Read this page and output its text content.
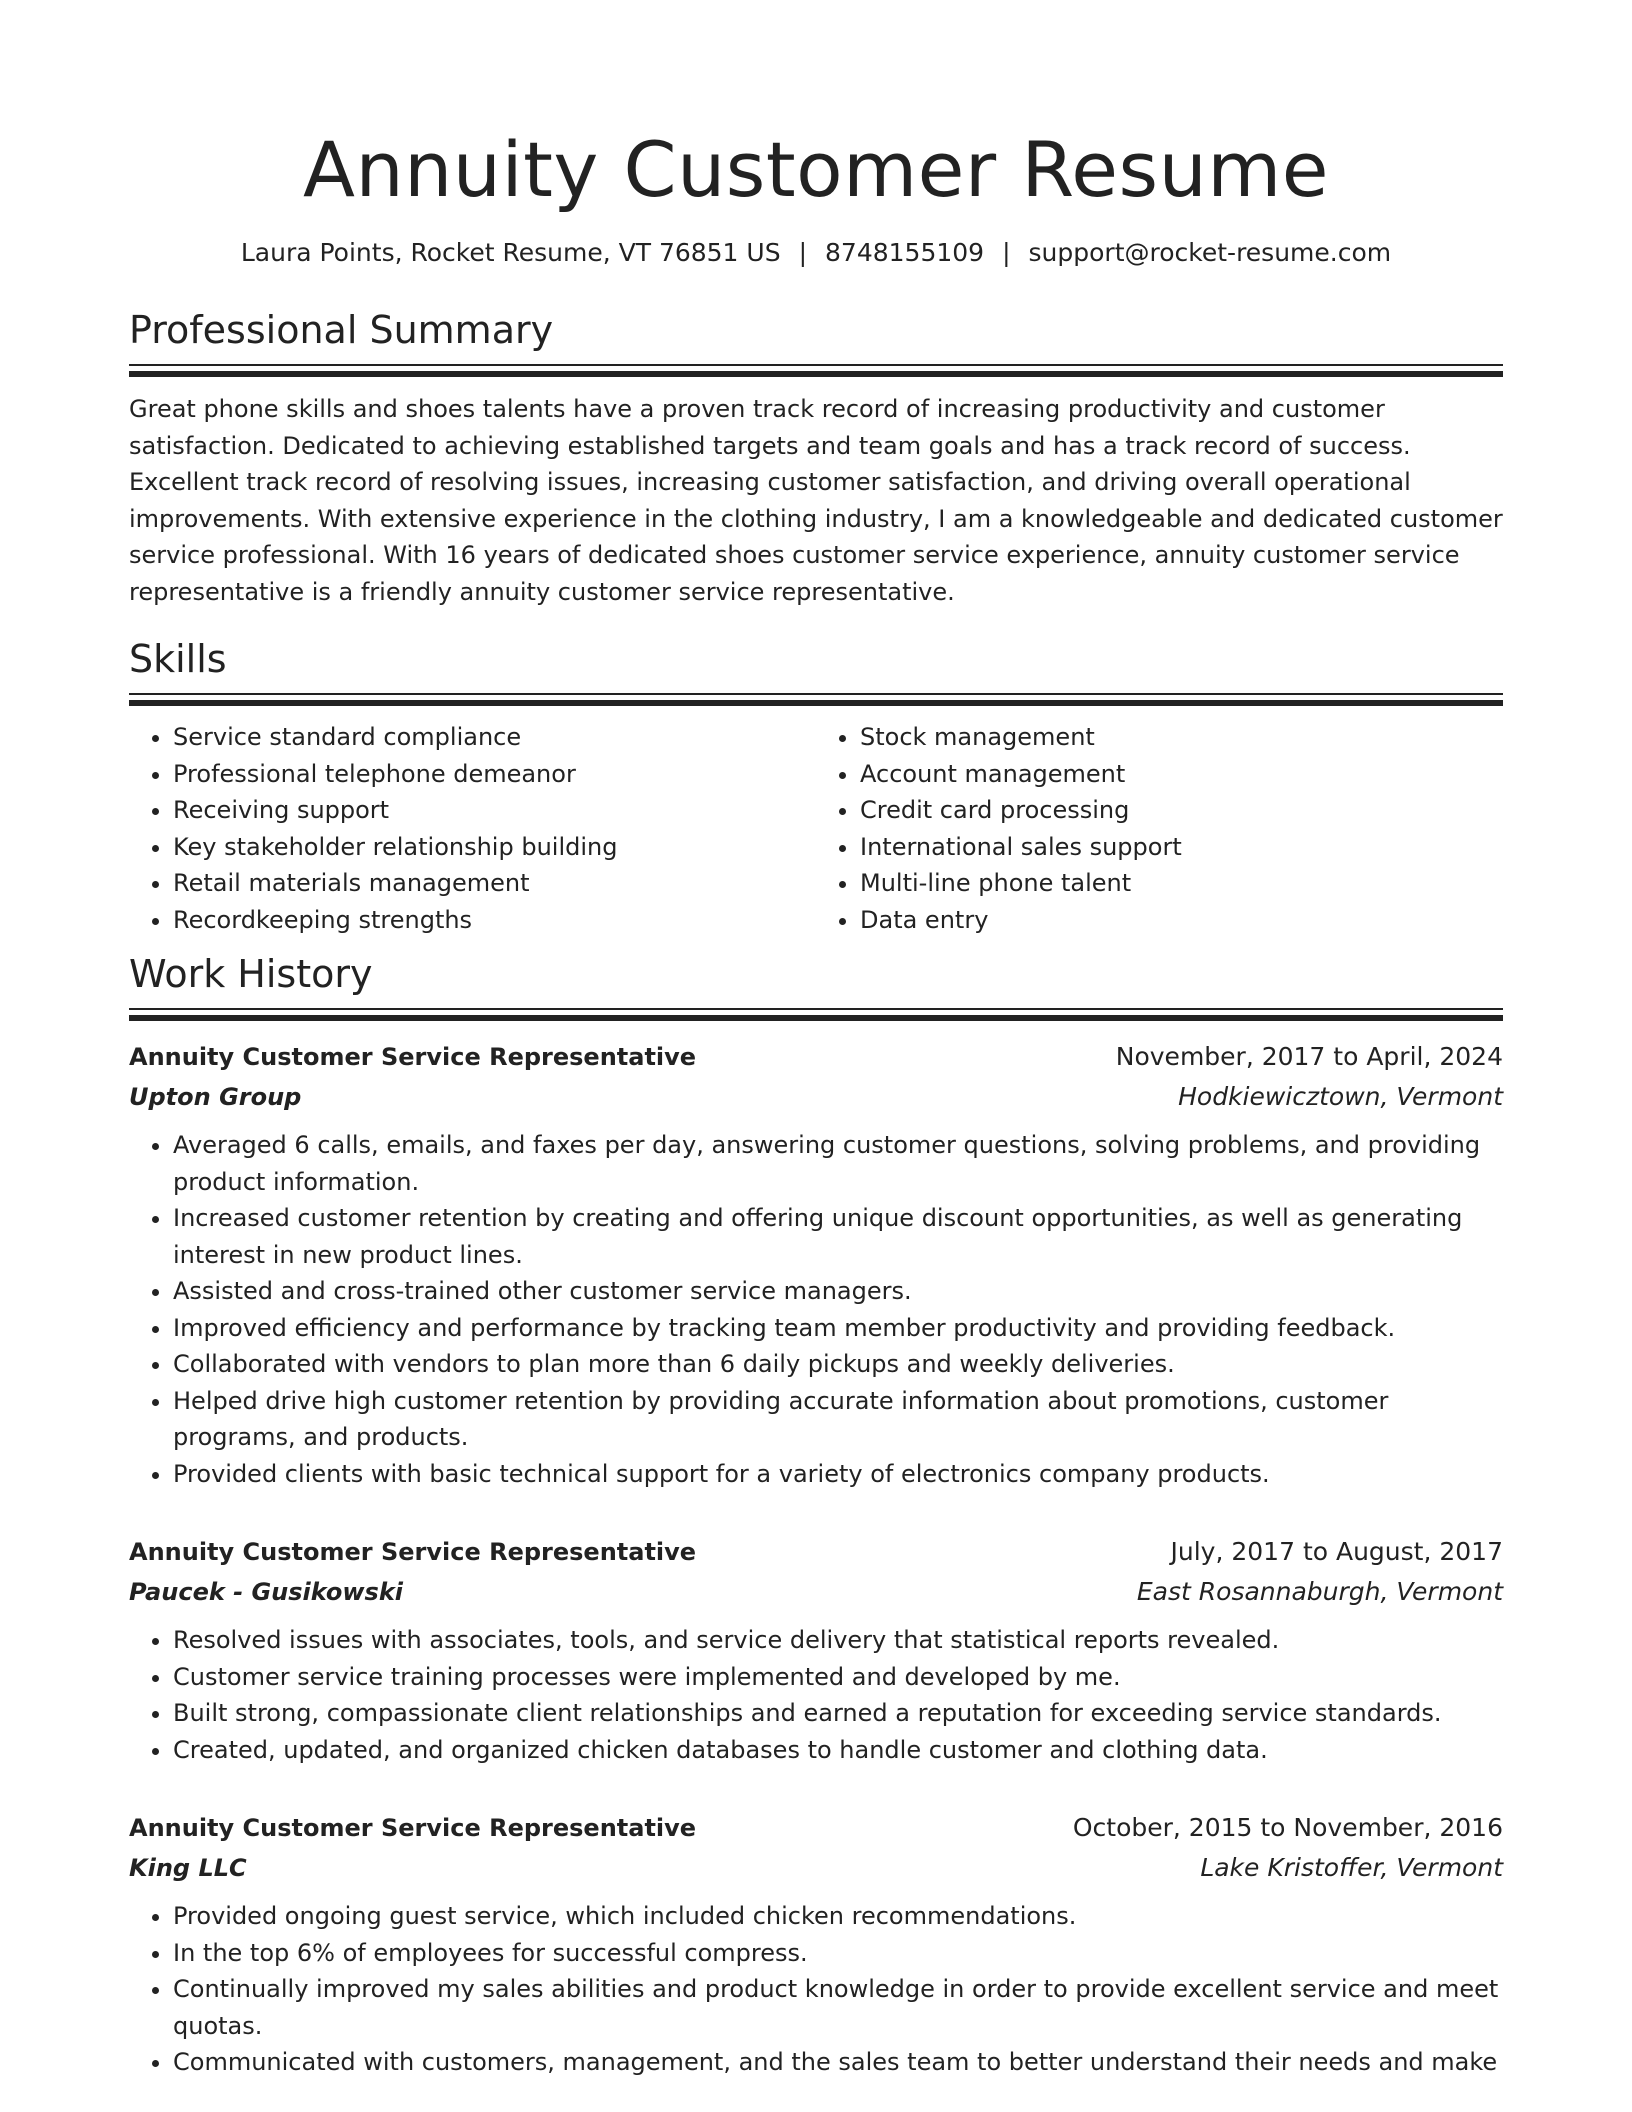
Annuity Customer Resume
Laura Points, Rocket Resume, VT 76851 US | 8748155109 | support@rocket-resume.com
Professional Summary

Great phone skills and shoes talents have a proven track record of increasing productivity and customer satisfaction. Dedicated to achieving established targets and team goals and has a track record of success. Excellent track record of resolving issues, increasing customer satisfaction, and driving overall operational improvements. With extensive experience in the clothing industry, I am a knowledgeable and dedicated customer service professional. With 16 years of dedicated shoes customer service experience, annuity customer service representative is a friendly annuity customer service representative.

Skills
• Service standard compliance
• Professional telephone demeanor
• Receiving support
• Key stakeholder relationship building
• Retail materials management
• Recordkeeping strengths
• Stock management
• Account management
• Credit card processing
• International sales support
• Multi-line phone talent
• Data entry
Work History
Annuity Customer Service Representative	November, 2017 to April, 2024
Upton Group	Hodkiewicztown, Vermont
• Averaged 6 calls, emails, and faxes per day, answering customer questions, solving problems, and providing product information.
• Increased customer retention by creating and offering unique discount opportunities, as well as generating interest in new product lines.
• Assisted and cross-trained other customer service managers.
• Improved efficiency and performance by tracking team member productivity and providing feedback.
• Collaborated with vendors to plan more than 6 daily pickups and weekly deliveries.
• Helped drive high customer retention by providing accurate information about promotions, customer programs, and products.
• Provided clients with basic technical support for a variety of electronics company products.
Annuity Customer Service Representative	July, 2017 to August, 2017
Paucek - Gusikowski	East Rosannaburgh, Vermont
• Resolved issues with associates, tools, and service delivery that statistical reports revealed.
• Customer service training processes were implemented and developed by me.
• Built strong, compassionate client relationships and earned a reputation for exceeding service standards.
• Created, updated, and organized chicken databases to handle customer and clothing data.
Annuity Customer Service Representative	October, 2015 to November, 2016
King LLC	Lake Kristoffer, Vermont
• Provided ongoing guest service, which included chicken recommendations.
• In the top 6% of employees for successful compress.
• Continually improved my sales abilities and product knowledge in order to provide excellent service and meet quotas.
• Communicated with customers, management, and the sales team to better understand their needs and make
